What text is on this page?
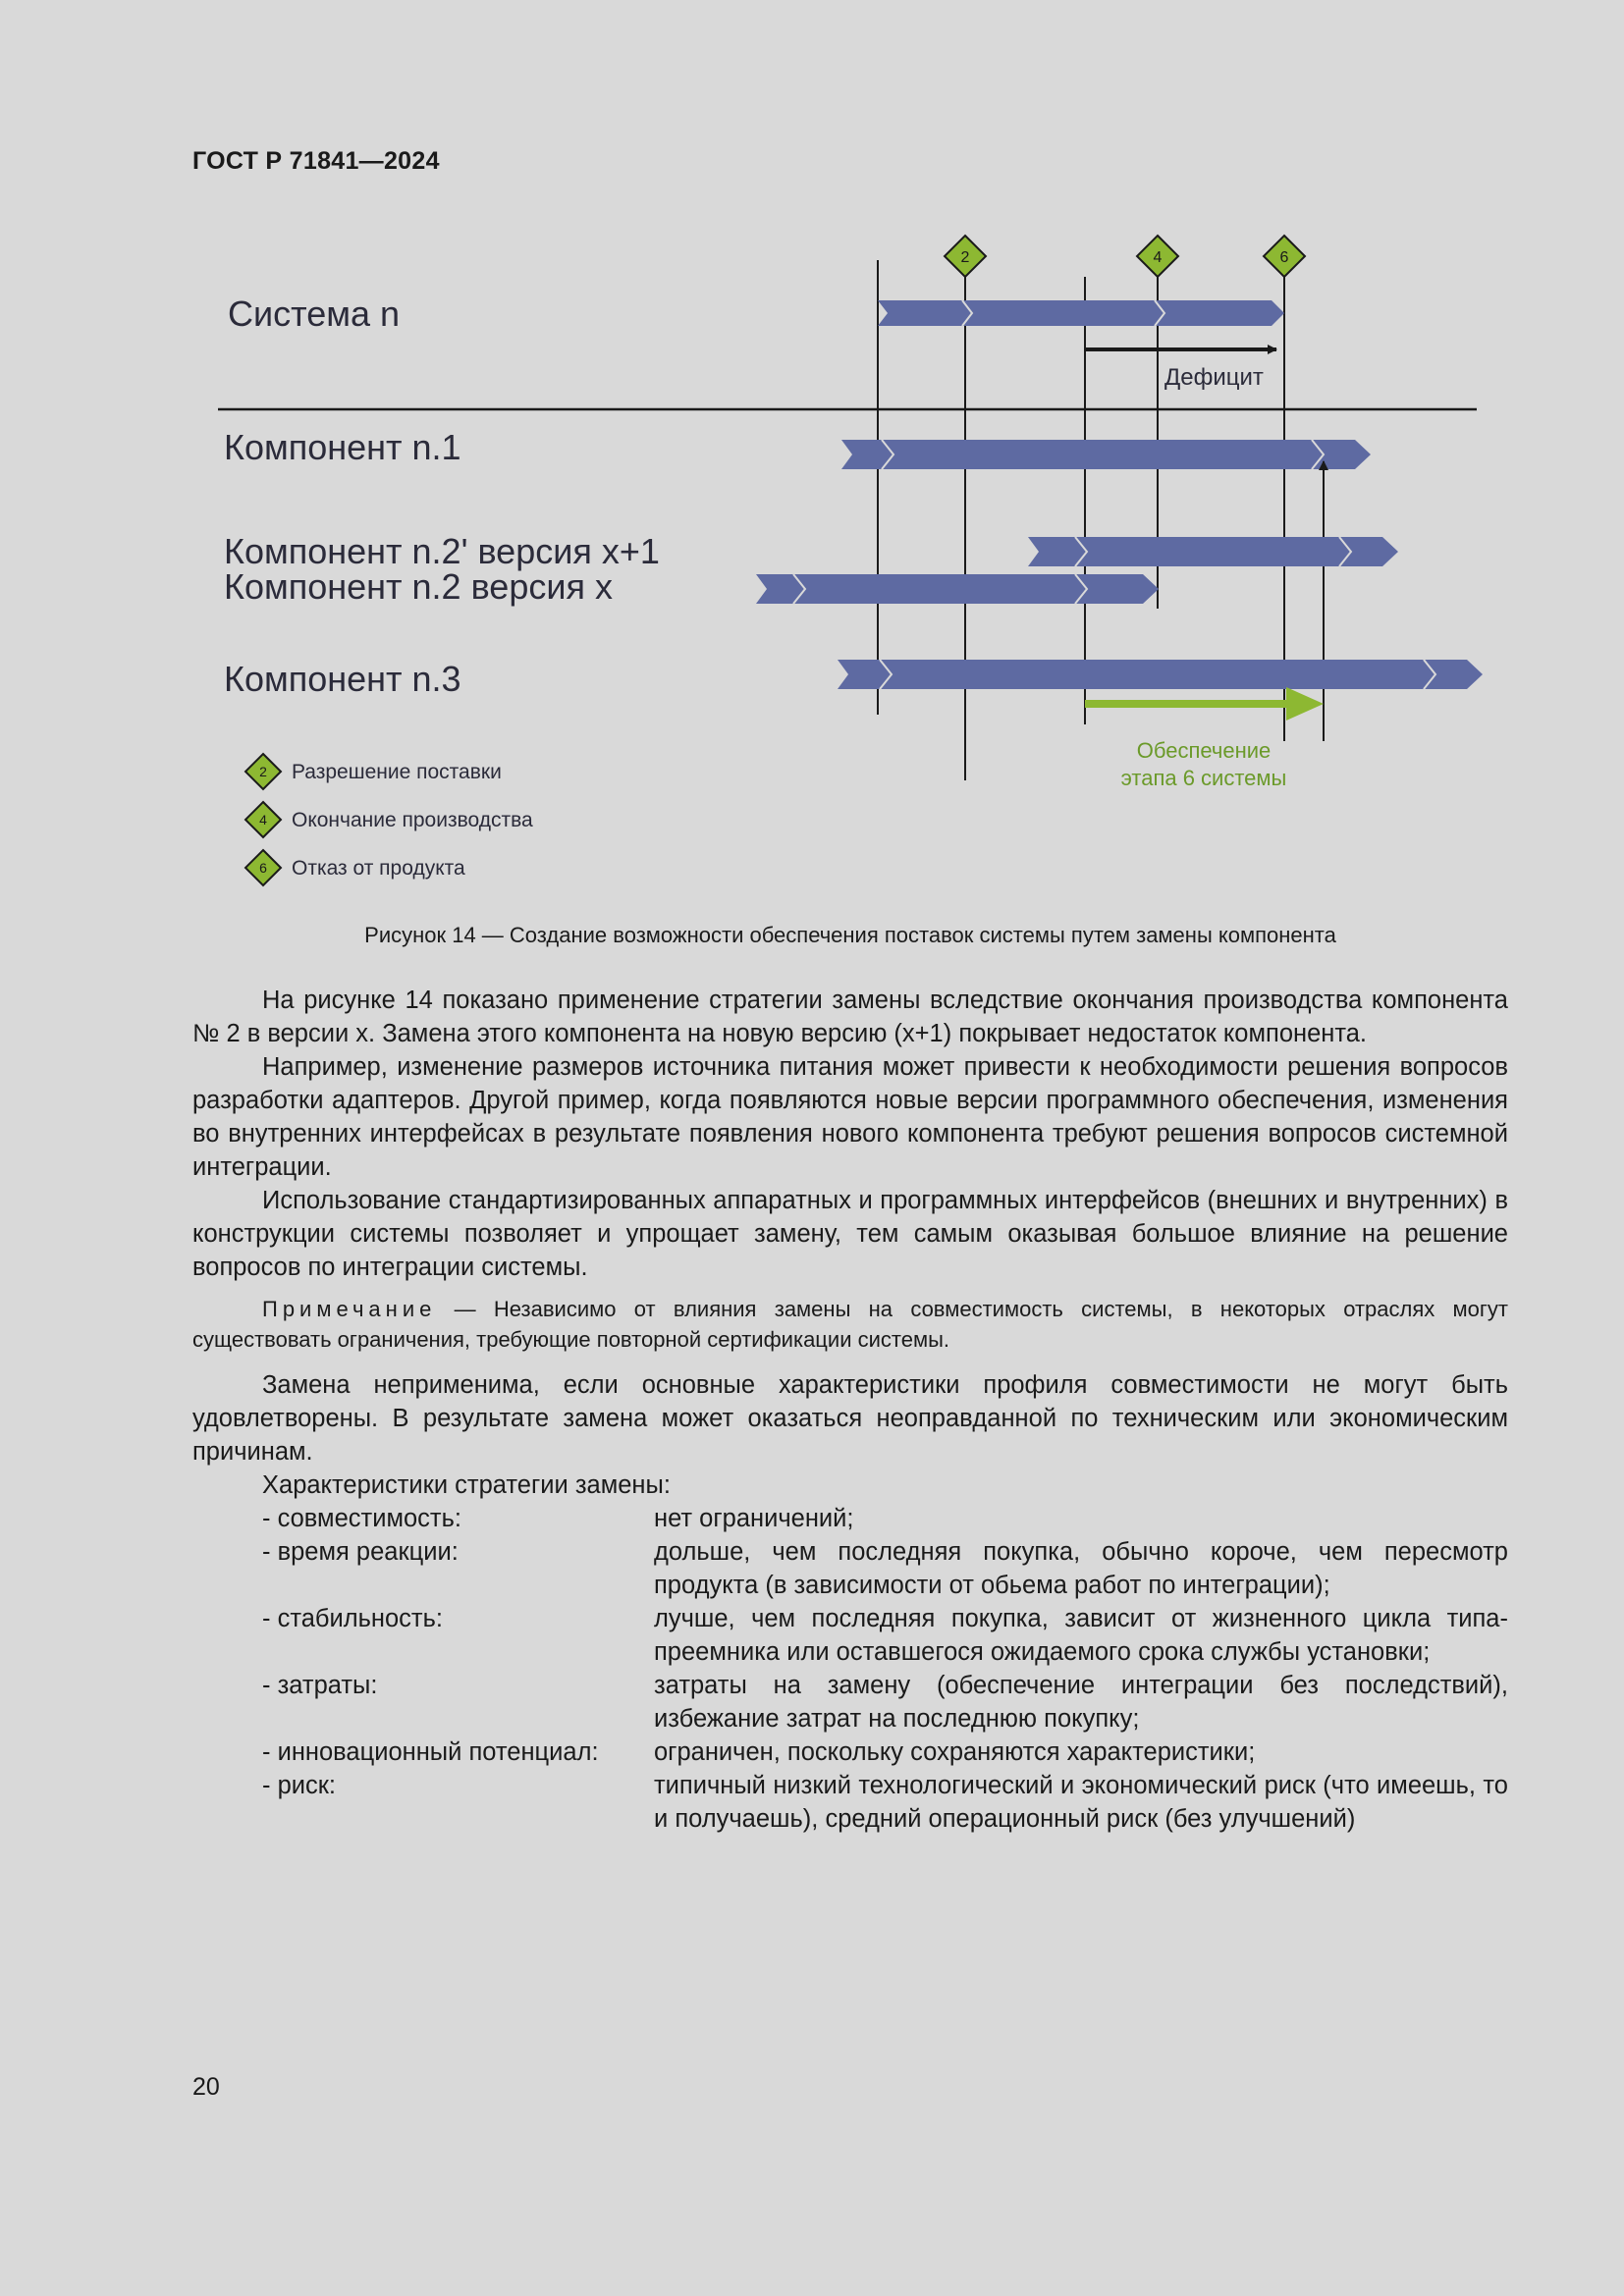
ГОСТ Р 71841—2024
Система n
Компонент n.1
Компонент n.2' версия x+1
Компонент n.2 версия x
Компонент n.3
Дефицит
Обеспечение
этапа 6 системы
2	4	6
2 Разрешение поставки
4 Окончание производства
6 Отказ от продукта
Рисунок 14 — Создание возможности обеспечения поставок системы путем замены компонента

На рисунке 14 показано применение стратегии замены вследствие окончания производства компонента № 2 в версии x. Замена этого компонента на новую версию (x+1) покрывает недостаток компонента.

Например, изменение размеров источника питания может привести к необходимости решения вопросов разработки адаптеров. Другой пример, когда появляются новые версии программного обеспечения, изменения во внутренних интерфейсах в результате появления нового компонента требуют решения вопросов системной интеграции.

Использование стандартизированных аппаратных и программных интерфейсов (внешних и внутренних) в конструкции системы позволяет и упрощает замену, тем самым оказывая большое влияние на решение вопросов по интеграции системы.

Примечание — Независимо от влияния замены на совместимость системы, в некоторых отраслях могут существовать ограничения, требующие повторной сертификации системы.

Замена неприменима, если основные характеристики профиля совместимости не могут быть удовлетворены. В результате замена может оказаться неоправданной по техническим или экономическим причинам.

Характеристики стратегии замены:

- совместимость:	нет ограничений;
- время реакции:	дольше, чем последняя покупка, обычно короче, чем пересмотр продукта (в зависимости от обьема работ по интеграции);
- стабильность:	лучше, чем последняя покупка, зависит от жизненного цикла типа-преемника или оставшегося ожидаемого срока службы установки;
- затраты:	затраты на замену (обеспечение интеграции без последствий), избежание затрат на последнюю покупку;
- инновационный потенциал:	ограничен, поскольку сохраняются характеристики;
- риск:	типичный низкий технологический и экономический риск (что имеешь, то и получаешь), средний операционный риск (без улучшений)
20
